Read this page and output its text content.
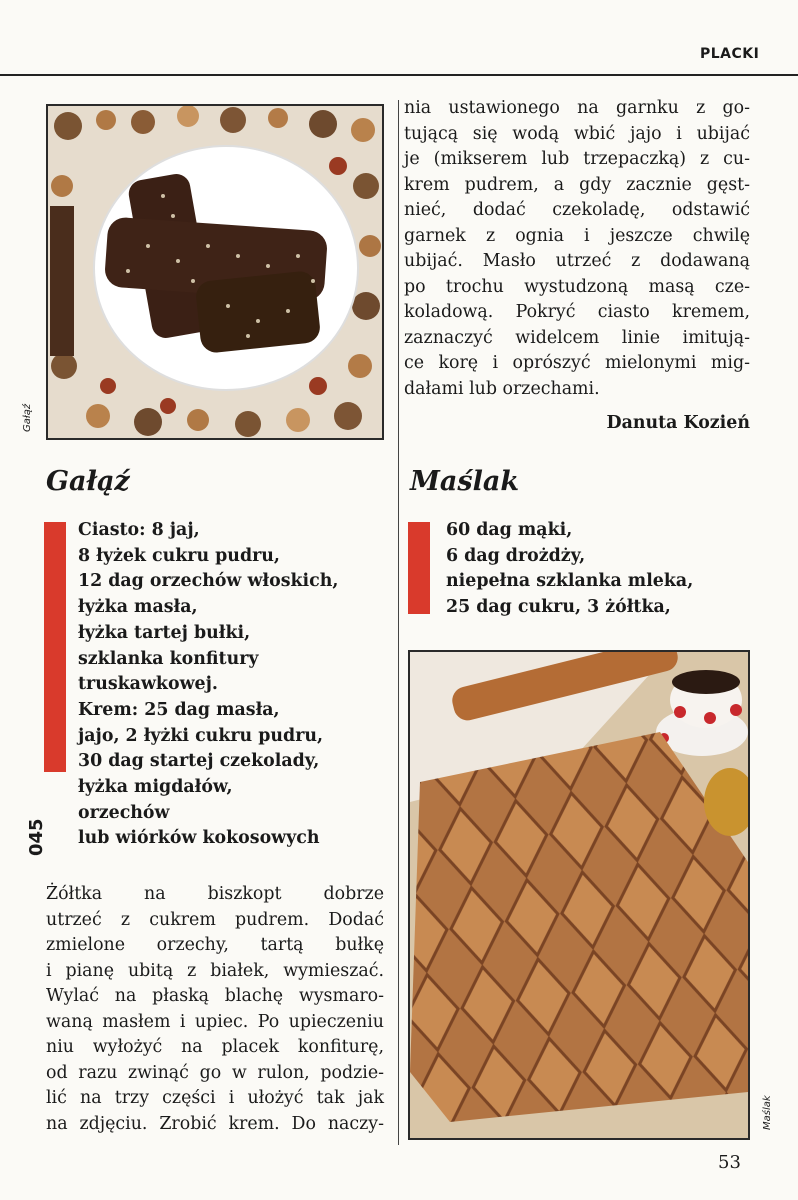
PLACKI
Gałąź
Gałąź
045
Ciasto: 8 jaj,
8 łyżek cukru pudru,
12 dag orzechów włoskich,
łyżka masła,
łyżka tartej bułki,
szklanka konfitury
truskawkowej.
Krem: 25 dag masła,
jajo, 2 łyżki cukru pudru,
30 dag startej czekolady,
łyżka migdałów,
orzechów
lub wiórków kokosowych
Żółtka na biszkopt dobrze
utrzeć z cukrem pudrem. Dodać
zmielone orzechy, tartą bułkę
i pianę ubitą z białek, wymieszać.
Wylać na płaską blachę wysmaro-
waną masłem i upiec. Po upieczeniu
niu wyłożyć na placek konfiturę,
od razu zwinąć go w rulon, podzie-
lić na trzy części i ułożyć tak jak
na zdjęciu. Zrobić krem. Do naczy-
nia ustawionego na garnku z go-
tującą się wodą wbić jajo i ubijać
je (mikserem lub trzepaczką) z cu-
krem pudrem, a gdy zacznie gęst-
nieć, dodać czekoladę, odstawić
garnek z ognia i jeszcze chwilę
ubijać. Masło utrzeć z dodawaną
po trochu wystudzoną masą cze-
koladową. Pokryć ciasto kremem,
zaznaczyć widelcem linie imitują-
ce korę i oprószyć mielonymi mig-
dałami lub orzechami.
Danuta Kozień
Maślak
60 dag mąki,
6 dag drożdży,
niepełna szklanka mleka,
25 dag cukru, 3 żółtka,
Maślak
53
